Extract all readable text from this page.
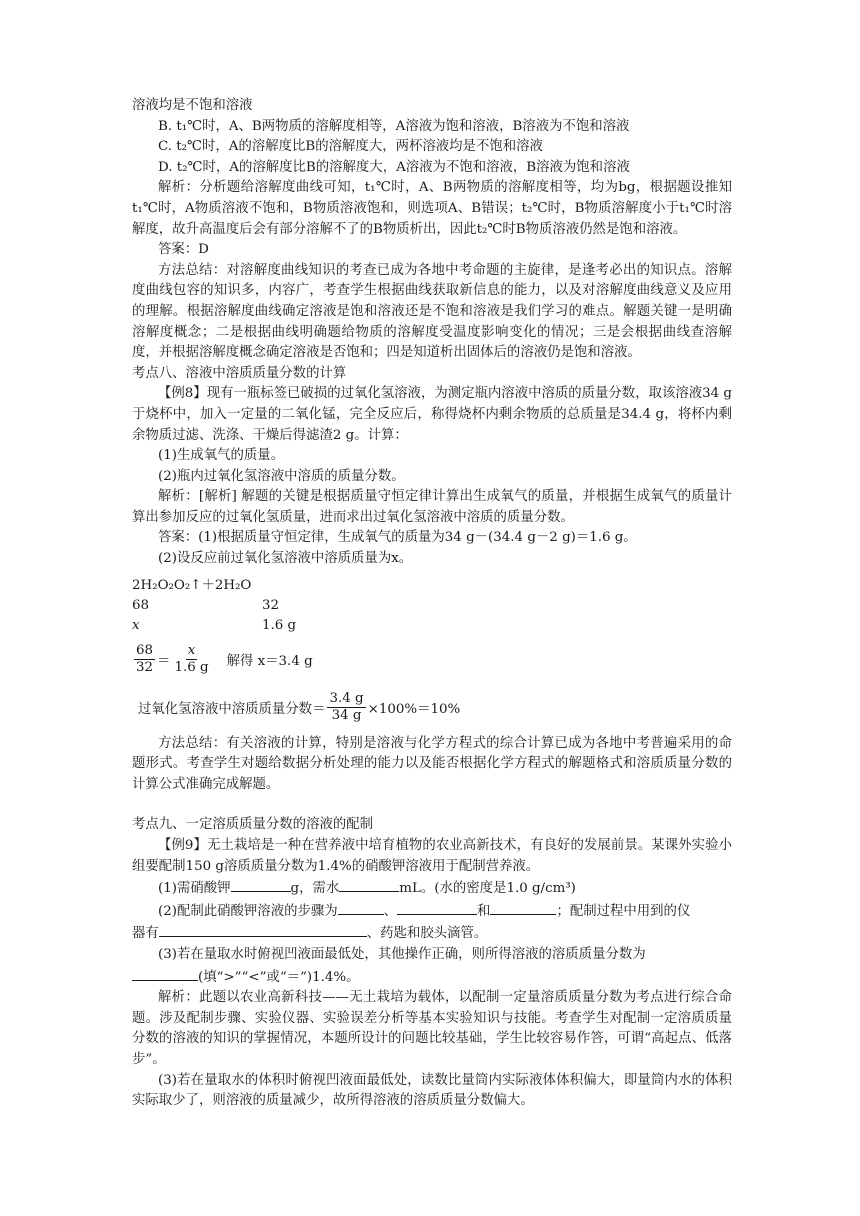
溶液均是不饱和溶液

B. t₁℃时，A、B两物质的溶解度相等，A溶液为饱和溶液，B溶液为不饱和溶液

C. t₂℃时，A的溶解度比B的溶解度大，两杯溶液均是不饱和溶液

D. t₂℃时，A的溶解度比B的溶解度大，A溶液为不饱和溶液，B溶液为饱和溶液

解析：分析题给溶解度曲线可知，t₁℃时，A、B两物质的溶解度相等，均为bg，根据题设推知t₁℃时，A物质溶液不饱和，B物质溶液饱和，则选项A、B错误；t₂℃时，B物质溶解度小于t₁℃时溶解度，故升高温度后会有部分溶解不了的B物质析出，因此t₂℃时B物质溶液仍然是饱和溶液。

答案：D

方法总结：对溶解度曲线知识的考查已成为各地中考命题的主旋律，是逢考必出的知识点。溶解度曲线包容的知识多，内容广，考查学生根据曲线获取新信息的能力，以及对溶解度曲线意义及应用的理解。根据溶解度曲线确定溶液是饱和溶液还是不饱和溶液是我们学习的难点。解题关键一是明确溶解度概念；二是根据曲线明确题给物质的溶解度受温度影响变化的情况；三是会根据曲线查溶解度，并根据溶解度概念确定溶液是否饱和；四是知道析出固体后的溶液仍是饱和溶液。

考点八、溶液中溶质质量分数的计算

【例8】现有一瓶标签已破损的过氧化氢溶液，为测定瓶内溶液中溶质的质量分数，取该溶液34 g于烧杯中，加入一定量的二氧化锰，完全反应后，称得烧杯内剩余物质的总质量是34.4 g，将杯内剩余物质过滤、洗涤、干燥后得滤渣2 g。计算：

(1)生成氧气的质量。

(2)瓶内过氧化氢溶液中溶质的质量分数。

解析：[解析] 解题的关键是根据质量守恒定律计算出生成氧气的质量，并根据生成氧气的质量计算出参加反应的过氧化氢质量，进而求出过氧化氢溶液中溶质的质量分数。

答案：(1)根据质量守恒定律，生成氧气的质量为34 g－(34.4 g－2 g)＝1.6 g。

(2)设反应前过氧化氢溶液中溶质质量为x。

2H₂O₂O₂↑＋2H₂O
68	32
x	1.6 g
$\frac{68}{32} = \frac{x}{1.6 g}$ 解得 x＝3.4 g
过氧化氢溶液中溶质质量分数＝ $\frac{3.4 g}{34 g} \times 100\%=10\%$

方法总结：有关溶液的计算，特别是溶液与化学方程式的综合计算已成为各地中考普遍采用的命题形式。考查学生对题给数据分析处理的能力以及能否根据化学方程式的解题格式和溶质质量分数的计算公式准确完成解题。

考点九、一定溶质质量分数的溶液的配制

【例9】无土栽培是一种在营养液中培育植物的农业高新技术，有良好的发展前景。某课外实验小组要配制150 g溶质质量分数为1.4%的硝酸钾溶液用于配制营养液。

(1)需硝酸钾	g，需水	mL。(水的密度是1.0 g/cm³)

(2)配制此硝酸钾溶液的步骤为	、	和	；配制过程中用到的仪

器有	、药匙和胶头滴管。

(3)若在量取水时俯视凹液面最低处，其他操作正确，则所得溶液的溶质质量分数为

(填“>”“<”或“＝”)1.4%。

解析：此题以农业高新科技——无土栽培为载体，以配制一定量溶质质量分数为考点进行综合命题。涉及配制步骤、实验仪器、实验误差分析等基本实验知识与技能。考查学生对配制一定溶质质量分数的溶液的知识的掌握情况，本题所设计的问题比较基础，学生比较容易作答，可谓“高起点、低落步”。

(3)若在量取水的体积时俯视凹液面最低处，读数比量筒内实际液体体积偏大，即量筒内水的体积实际取少了，则溶液的质量减少，故所得溶液的溶质质量分数偏大。
